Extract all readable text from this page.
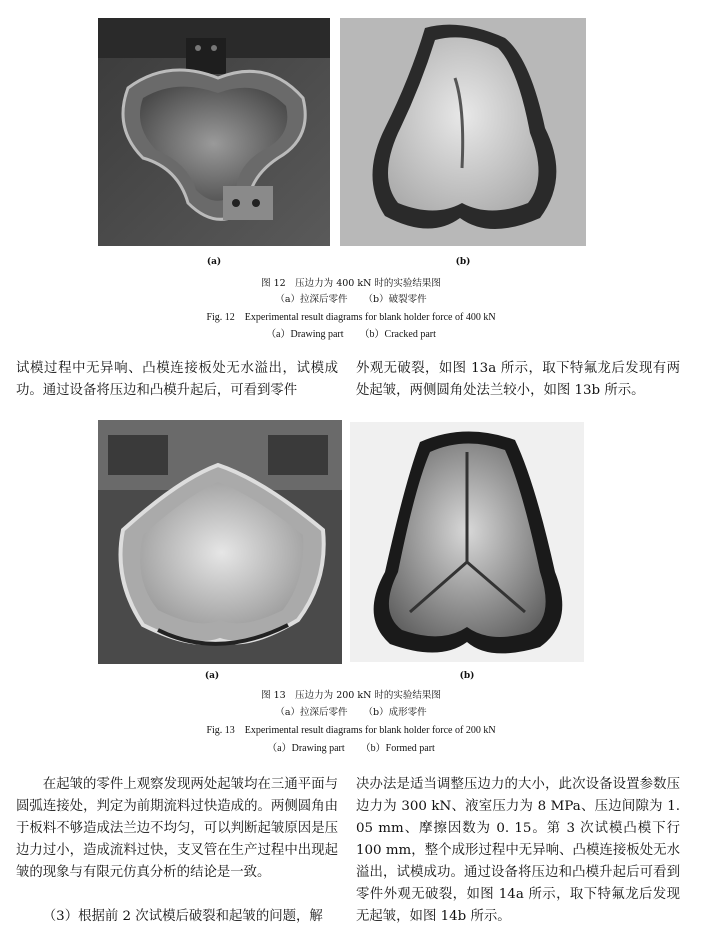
(a)	(b)
图 12　压边力为 400 kN 时的实验结果图
（a）拉深后零件 （b）破裂零件
Fig. 12　Experimental result diagrams for blank holder force of 400 kN
（a）Drawing part （b）Cracked part

试模过程中无异响、凸模连接板处无水溢出，试模成功。通过设备将压边和凸模升起后，可看到零件

外观无破裂，如图 13a 所示，取下特氟龙后发现有两处起皱，两侧圆角处法兰较小，如图 13b 所示。

(a)	(b)
图 13　压边力为 200 kN 时的实验结果图
（a）拉深后零件 （b）成形零件
Fig. 13　Experimental result diagrams for blank holder force of 200 kN
（a）Drawing part （b）Formed part

在起皱的零件上观察发现两处起皱均在三通平面与圆弧连接处，判定为前期流料过快造成的。两侧圆角由于板料不够造成法兰边不均匀，可以判断起皱原因是压边力过小，造成流料过快，支叉管在生产过程中出现起皱的现象与有限元仿真分析的结论是一致。

（3）根据前 2 次试模后破裂和起皱的问题，解

决办法是适当调整压边力的大小，此次设备设置参数压边力为 300 kN、液室压力为 8 MPa、压边间隙为 1. 05 mm、摩擦因数为 0. 15。第 3 次试模凸模下行 100 mm，整个成形过程中无异响、凸模连接板处无水溢出，试模成功。通过设备将压边和凸模升起后可看到零件外观无破裂，如图 14a 所示，取下特氟龙后发现无起皱，如图 14b 所示。
